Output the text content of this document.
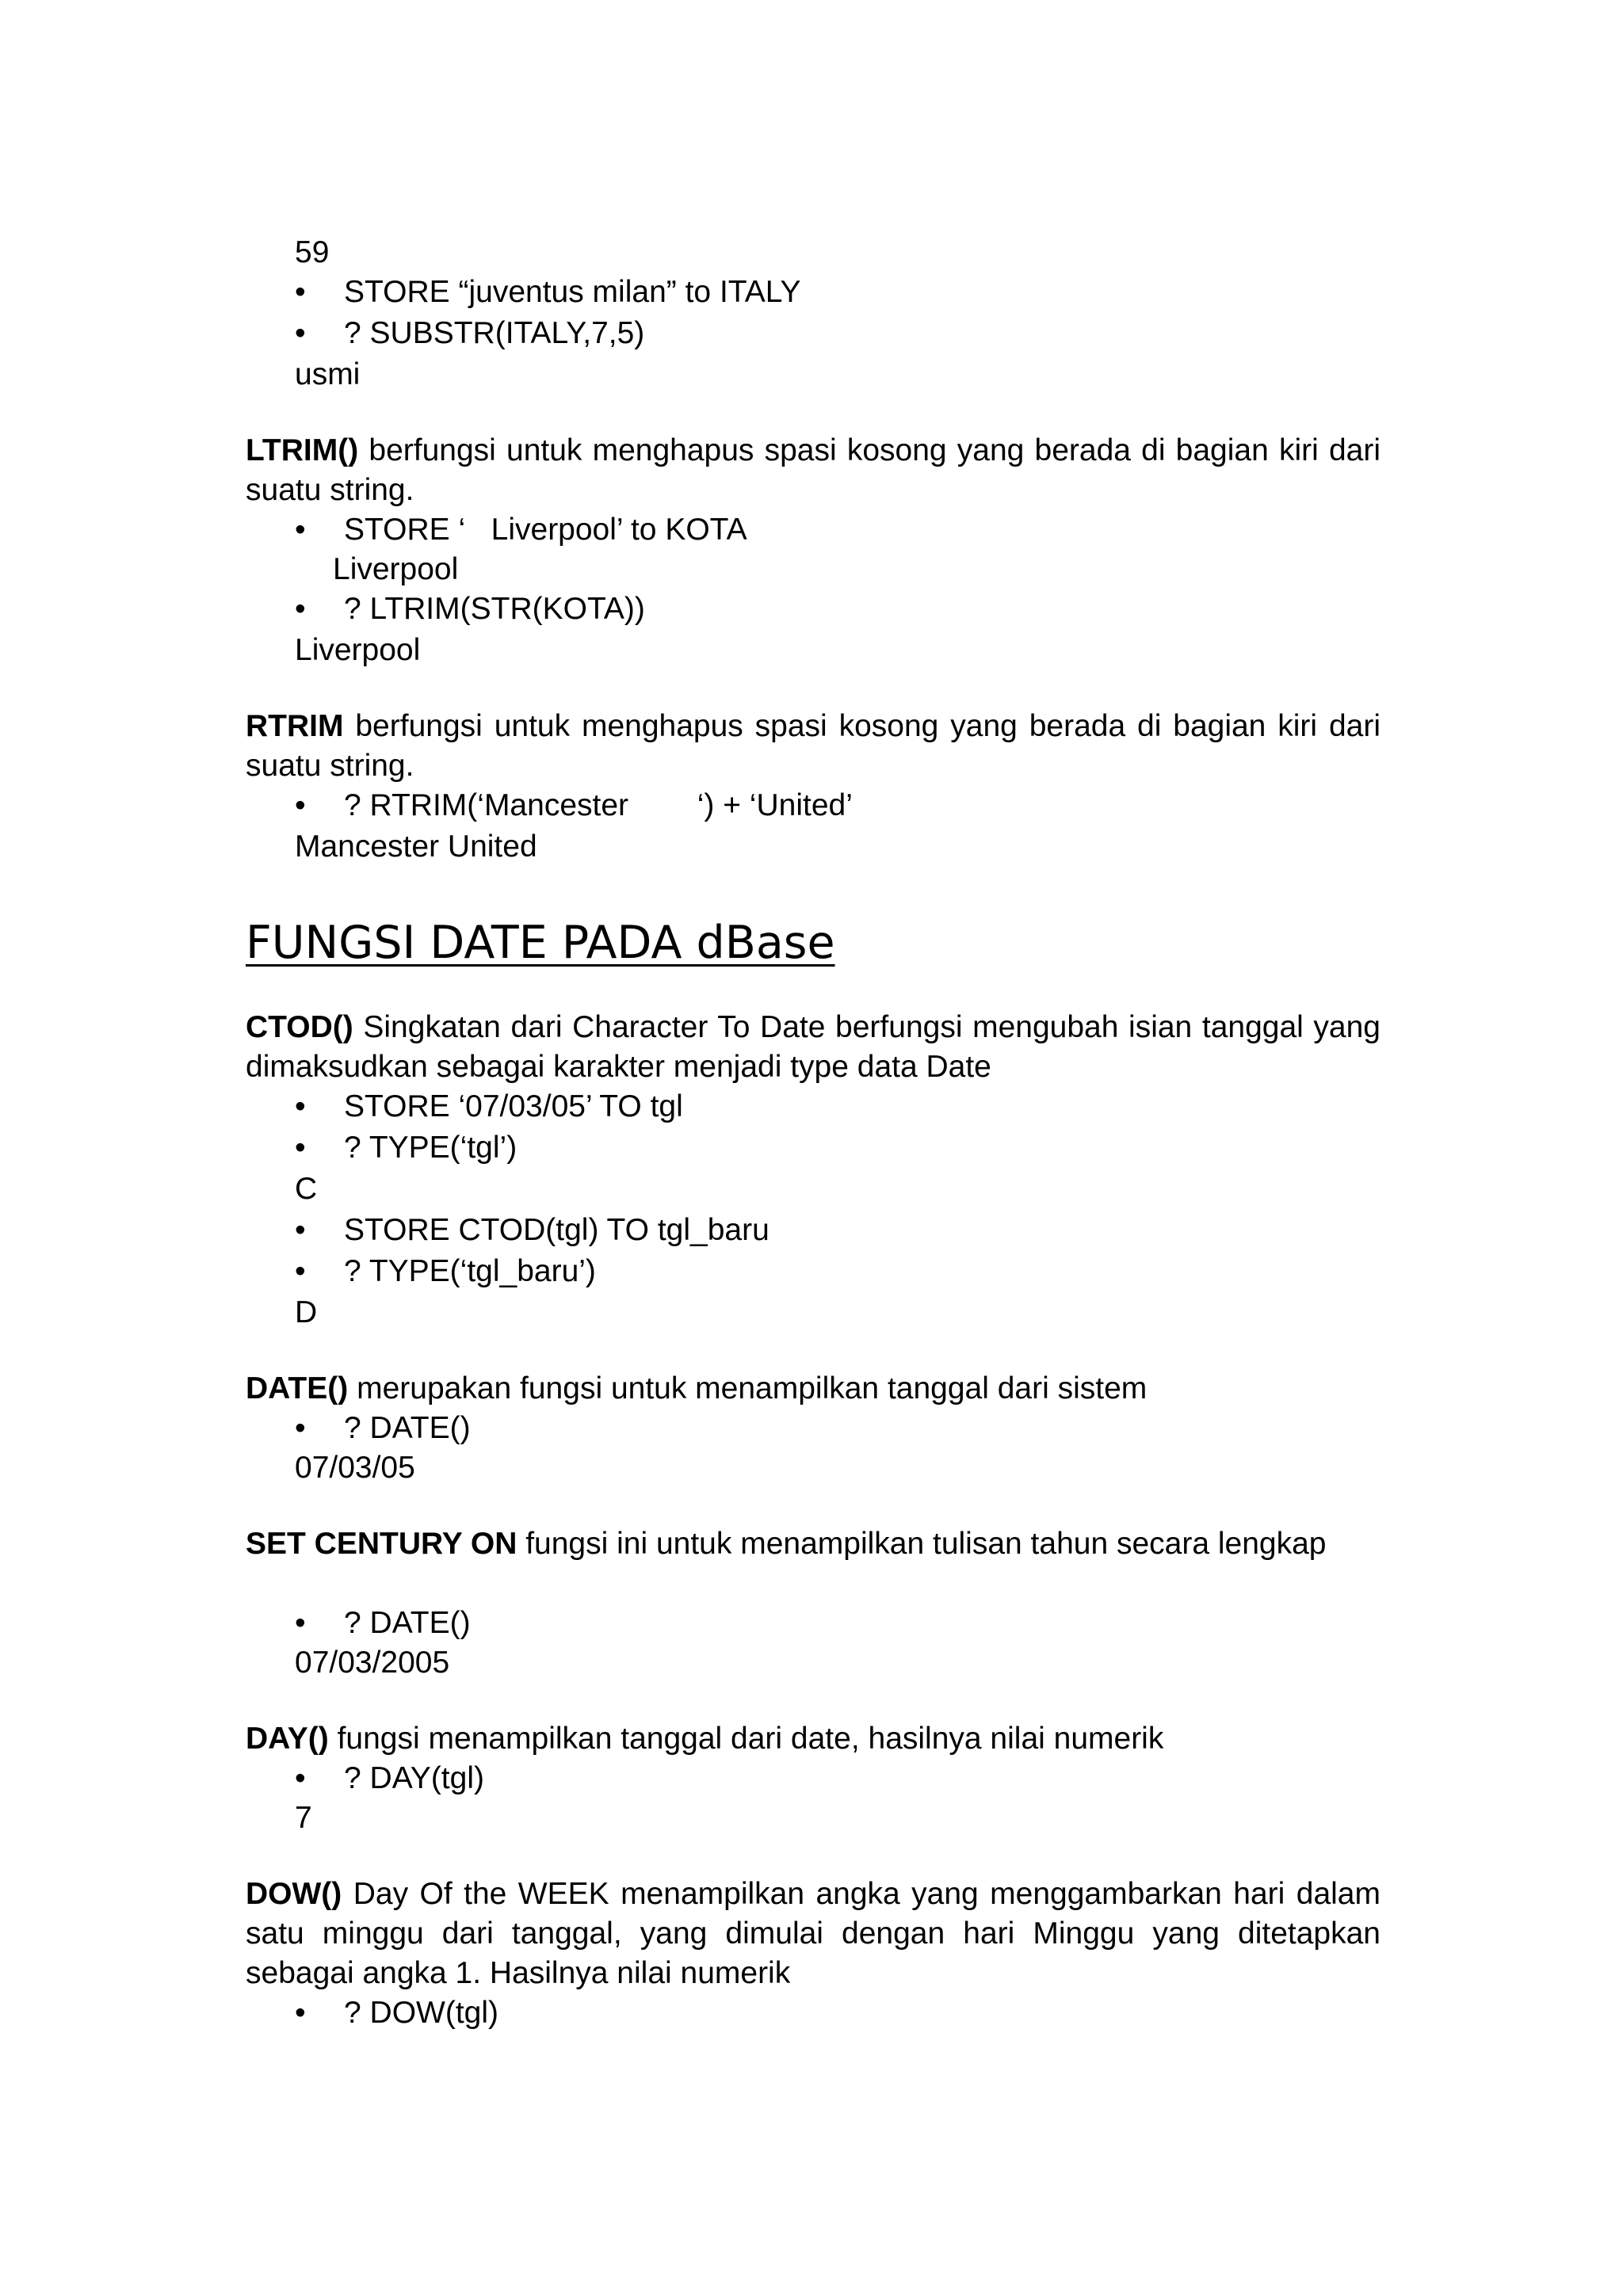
59
• STORE “juventus milan” to ITALY
• ? SUBSTR(ITALY,7,5)
usmi
LTRIM() berfungsi untuk menghapus spasi kosong yang berada di bagian kiri dari suatu string.
• STORE ‘   Liverpool’ to KOTA
Liverpool
• ? LTRIM(STR(KOTA))
Liverpool
RTRIM berfungsi untuk menghapus spasi kosong yang berada di bagian kiri dari suatu string.
• ? RTRIM(‘Mancester        ‘) + ‘United’
Mancester United
FUNGSI DATE PADA dBase
CTOD() Singkatan dari Character To Date berfungsi mengubah isian tanggal yang dimaksudkan sebagai karakter menjadi type data Date
• STORE ‘07/03/05’ TO tgl
• ? TYPE(‘tgl’)
C
• STORE CTOD(tgl) TO tgl_baru
• ? TYPE(‘tgl_baru’)
D
DATE() merupakan fungsi untuk menampilkan tanggal dari sistem
• ? DATE()
07/03/05
SET CENTURY ON fungsi ini untuk menampilkan tulisan tahun secara lengkap
• ? DATE()
07/03/2005
DAY() fungsi menampilkan tanggal dari date, hasilnya nilai numerik
• ? DAY(tgl)
7
DOW() Day Of the WEEK menampilkan angka yang menggambarkan hari dalam satu minggu dari tanggal, yang dimulai dengan hari Minggu yang ditetapkan sebagai angka 1. Hasilnya nilai numerik
• ? DOW(tgl)
